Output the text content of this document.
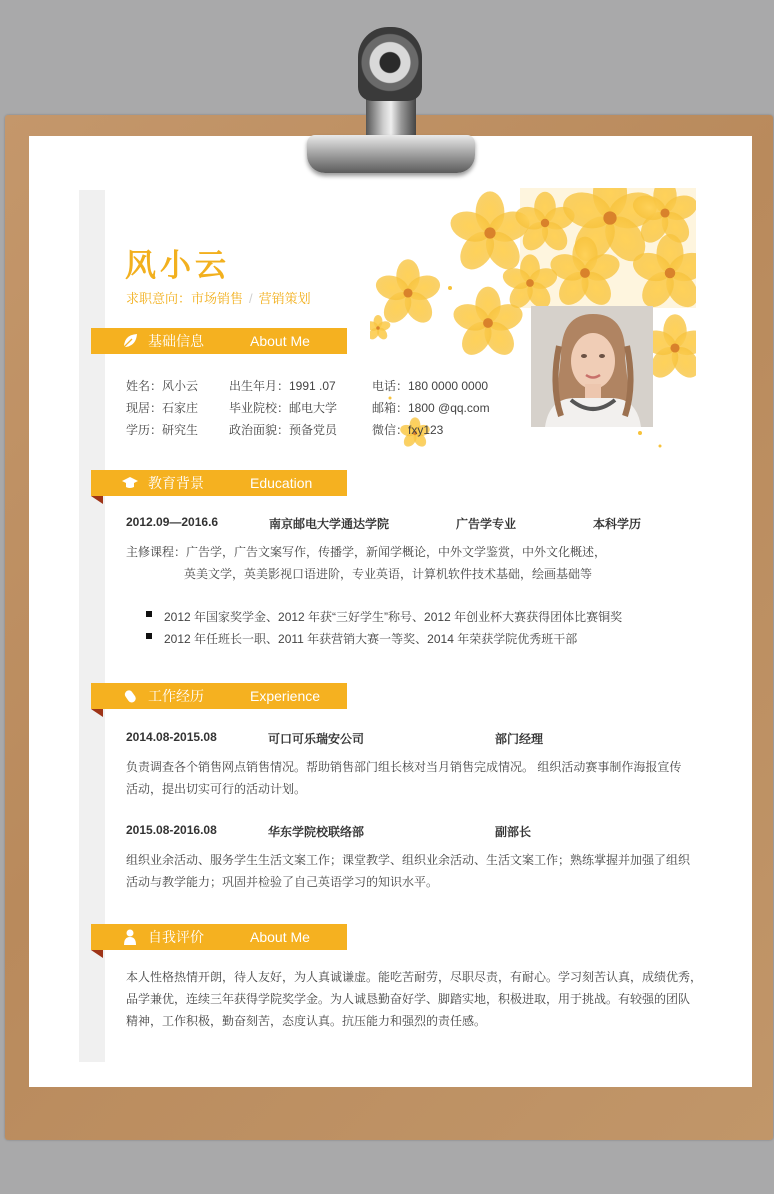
风小云
求职意向：市场销售 / 营销策划
基础信息	About Me
姓名：风小云	出生年月：1991 .07	电话：180 0000 0000
现居：石家庄	毕业院校：邮电大学	邮箱：1800 @qq.com
学历：研究生	政治面貌：预备党员	微信：fxy123
教育背景	Education
2012.09—2016.6	南京邮电大学通达学院	广告学专业	本科学历
主修课程：广告学，广告文案写作，传播学，新闻学概论，中外文学鉴赏，中外文化概述，
英美文学，英美影视口语进阶，专业英语，计算机软件技术基础，绘画基础等
2012 年国家奖学金、2012 年获“三好学生”称号、2012 年创业杯大赛获得团体比赛铜奖
2012 年任班长一职、2011 年获营销大赛一等奖、2014 年荣获学院优秀班干部
工作经历	Experience
2014.08-2015.08	可口可乐瑞安公司	部门经理
负责调查各个销售网点销售情况。帮助销售部门组长核对当月销售完成情况。 组织活动赛事制作海报宣传
活动，提出切实可行的活动计划。
2015.08-2016.08	华东学院校联络部	副部长
组织业余活动、服务学生生活文案工作；课堂教学、组织业余活动、生活文案工作；熟练掌握并加强了组织
活动与教学能力；巩固并检验了自己英语学习的知识水平。
自我评价	About Me
本人性格热情开朗，待人友好，为人真诚谦虚。能吃苦耐劳，尽职尽责，有耐心。学习刻苦认真，成绩优秀，
品学兼优，连续三年获得学院奖学金。为人诚恳勤奋好学、脚踏实地，积极进取，用于挑战。有较强的团队
精神，工作积极，勤奋刻苦，态度认真。抗压能力和强烈的责任感。
